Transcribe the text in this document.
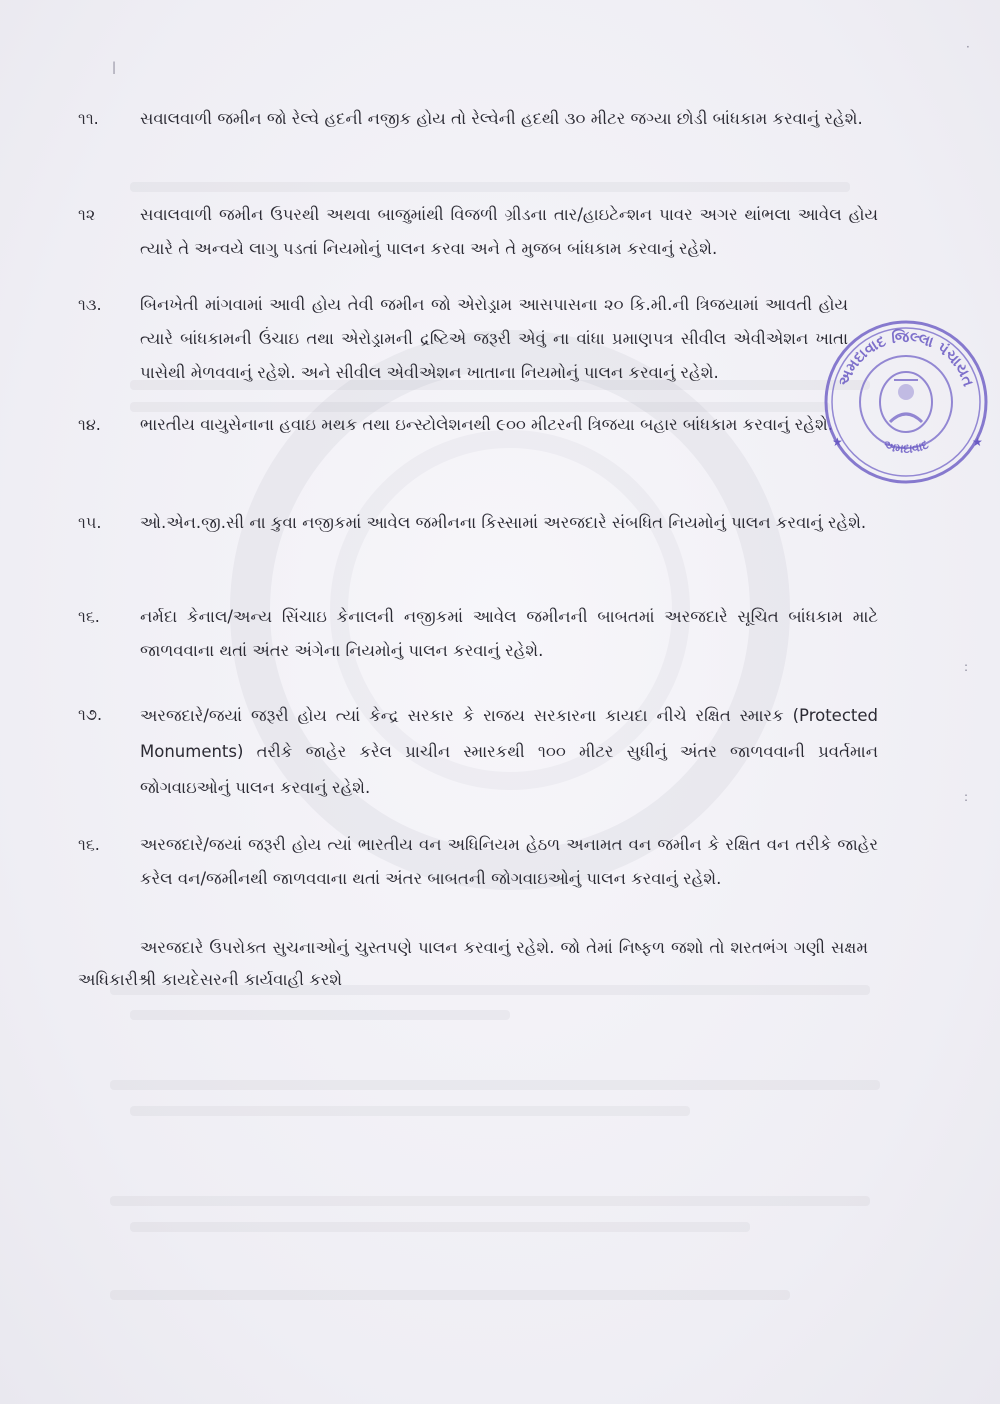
·
|
:
:
૧૧.	સવાલવાળી જમીન જો રેલ્વે હદની નજીક હોય તો રેલ્વેની હદથી ૩૦ મીટર જગ્યા છોડી બાંધકામ કરવાનું રહેશે.
૧૨	સવાલવાળી જમીન ઉપરથી અથવા બાજુમાંથી વિજળી ગ્રીડના તાર/હાઇટેન્શન પાવર અગર થાંભલા આવેલ હોય ત્યારે તે અન્વયે લાગુ પડતાં નિયમોનું પાલન કરવા અને તે મુજબ બાંધકામ કરવાનું રહેશે.
૧૩.	બિનખેતી માંગવામાં આવી હોય તેવી જમીન જો એરોડ્રામ આસપાસના ૨૦ કિ.મી.ની ત્રિજયામાં આવતી હોય ત્યારે બાંધકામની ઉંચાઇ તથા એરોડ્રામની દ્રષ્ટિએ જરૂરી એવું ના વાંધા પ્રમાણપત્ર સીવીલ એવીએશન ખાતા પાસેથી મેળવવાનું રહેશે. અને સીવીલ એવીએશન ખાતાના નિયમોનું પાલન કરવાનું રહેશે.
૧૪.	ભારતીય વાયુસેનાના હવાઇ મથક તથા ઇન્સ્ટોલેશનથી ૯૦૦ મીટરની ત્રિજયા બહાર બાંધકામ કરવાનું રહેશે.
૧૫.	ઓ.એન.જી.સી ના કુવા નજીકમાં આવેલ જમીનના કિસ્સામાં અરજદારે સંબધિત નિયમોનું પાલન કરવાનું રહેશે.
૧૬.	નર્મદા કેનાલ/અન્ય સિંચાઇ કેનાલની નજીકમાં આવેલ જમીનની બાબતમાં અરજદારે સૂચિત બાંધકામ માટે જાળવવાના થતાં અંતર અંગેના નિયમોનું પાલન કરવાનું રહેશે.
૧૭.	અરજદારે/જયાં જરૂરી હોય ત્યાં કેન્દ્ર સરકાર કે રાજય સરકારના કાયદા નીચે રક્ષિત સ્મારક (Protected Monuments) તરીકે જાહેર કરેલ પ્રાચીન સ્મારકથી ૧૦૦ મીટર સુધીનું અંતર જાળવવાની પ્રવર્તમાન જોગવાઇઓનું પાલન કરવાનું રહેશે.
૧૬.	અરજદારે/જયાં જરૂરી હોય ત્યાં ભારતીય વન અધિનિયમ હેઠળ અનામત વન જમીન કે રક્ષિત વન તરીકે જાહેર કરેલ વન/જમીનથી જાળવવાના થતાં અંતર બાબતની જોગવાઇઓનું પાલન કરવાનું રહેશે.
અરજદારે ઉપરોક્ત સુચનાઓનું ચુસ્તપણે પાલન કરવાનું રહેશે. જો તેમાં નિષ્ફળ જશો તો શરતભંગ ગણી સક્ષમ અધિકારીશ્રી કાયદેસરની કાર્યવાહી કરશે
અમદાવાદ જિલ્લા પંચાયત
અમદાવાદ	★
★
